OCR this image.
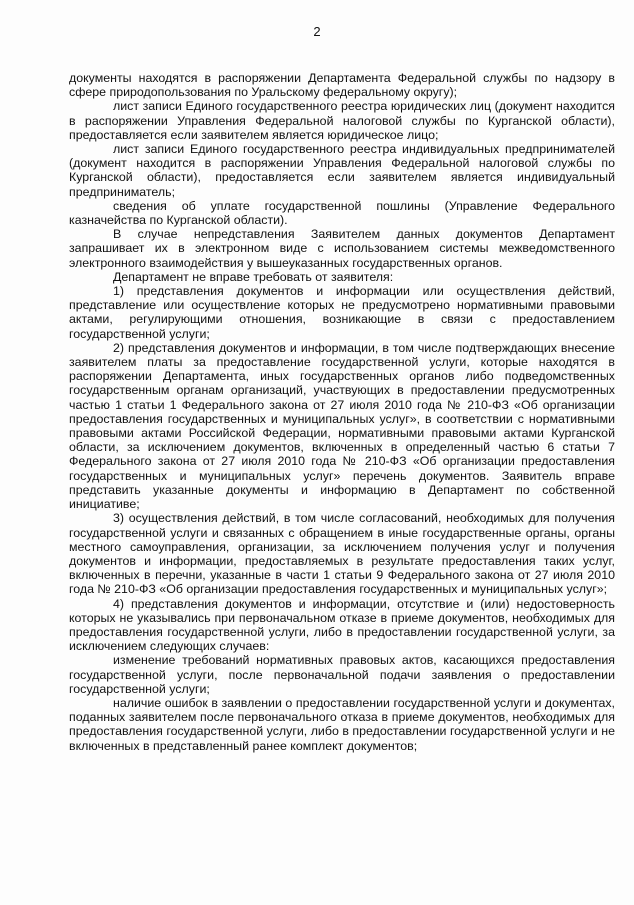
2

документы находятся в распоряжении Департамента Федеральной службы по надзору в сфере природопользования по Уральскому федеральному округу);

лист записи Единого государственного реестра юридических лиц (документ находится в распоряжении Управления Федеральной налоговой службы по Курганской области), предоставляется если заявителем является юридическое лицо;

лист записи Единого государственного реестра индивидуальных предпринимателей (документ находится в распоряжении Управления Федеральной налоговой службы по Курганской области), предоставляется если заявителем является индивидуальный предприниматель;

сведения об уплате государственной пошлины (Управление Федерального казначейства по Курганской области).

В случае непредставления Заявителем данных документов Департамент запрашивает их в электронном виде с использованием системы межведомственного электронного взаимодействия у вышеуказанных государственных органов.

Департамент не вправе требовать от заявителя:

1) представления документов и информации или осуществления действий, представление или осуществление которых не предусмотрено нормативными правовыми актами, регулирующими отношения, возникающие в связи с предоставлением государственной услуги;

2) представления документов и информации, в том числе подтверждающих внесение заявителем платы за предоставление государственной услуги, которые находятся в распоряжении Департамента, иных государственных органов либо подведомственных государственным органам организаций, участвующих в предоставлении предусмотренных частью 1 статьи 1 Федерального закона от 27 июля 2010 года № 210-ФЗ «Об организации предоставления государственных и муниципальных услуг», в соответствии с нормативными правовыми актами Российской Федерации, нормативными правовыми актами Курганской области, за исключением документов, включенных в определенный частью 6 статьи 7 Федерального закона от 27 июля 2010 года № 210-ФЗ «Об организации предоставления государственных и муниципальных услуг» перечень документов. Заявитель вправе представить указанные документы и информацию в Департамент по собственной инициативе;

3) осуществления действий, в том числе согласований, необходимых для получения государственной услуги и связанных с обращением в иные государственные органы, органы местного самоуправления, организации, за исключением получения услуг и получения документов и информации, предоставляемых в результате предоставления таких услуг, включенных в перечни, указанные в части 1 статьи 9 Федерального закона от 27 июля 2010 года № 210-ФЗ «Об организации предоставления государственных и муниципальных услуг»;

4) представления документов и информации, отсутствие и (или) недостоверность которых не указывались при первоначальном отказе в приеме документов, необходимых для предоставления государственной услуги, либо в предоставлении государственной услуги, за исключением следующих случаев:

изменение требований нормативных правовых актов, касающихся предоставления государственной услуги, после первоначальной подачи заявления о предоставлении государственной услуги;

наличие ошибок в заявлении о предоставлении государственной услуги и документах, поданных заявителем после первоначального отказа в приеме документов, необходимых для предоставления государственной услуги, либо в предоставлении государственной услуги и не включенных в представленный ранее комплект документов;
